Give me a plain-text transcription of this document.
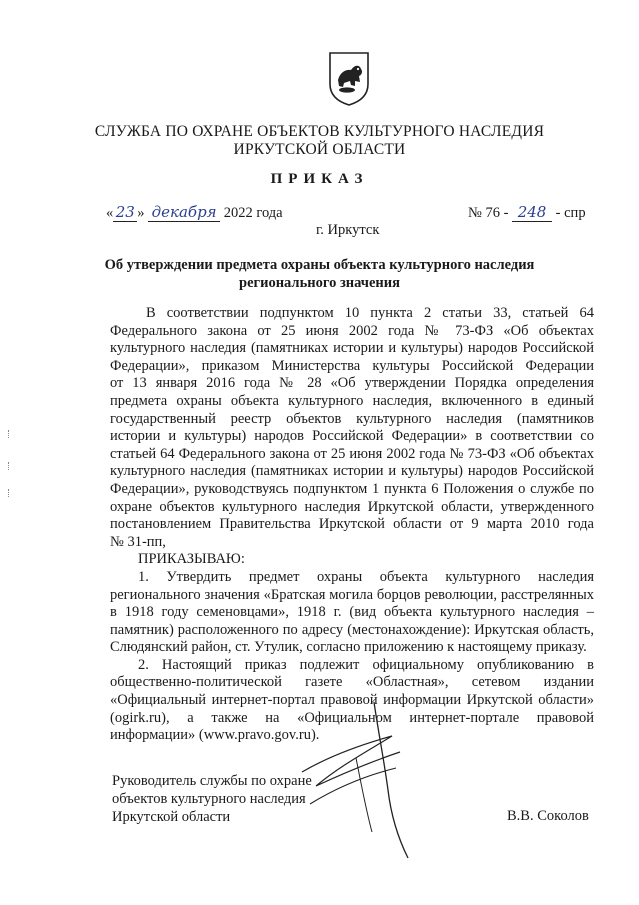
СЛУЖБА ПО ОХРАНЕ ОБЪЕКТОВ КУЛЬТУРНОГО НАСЛЕДИЯ
ИРКУТСКОЙ ОБЛАСТИ
ПРИКАЗ
« 23 » декабря 2022 года	№ 76 - 248 - спр
г. Иркутск
Об утверждении предмета охраны объекта культурного наследия
регионального значения
В соответствии подпунктом 10 пункта 2 статьи 33, статьей 64
Федерального закона от 25 июня 2002 года № 73-ФЗ «Об объектах
культурного наследия (памятниках истории и культуры) народов Российской
Федерации», приказом Министерства культуры Российской Федерации
от 13 января 2016 года № 28 «Об утверждении Порядка определения
предмета охраны объекта культурного наследия, включенного в единый
государственный реестр объектов культурного наследия (памятников
истории и культуры) народов Российской Федерации» в соответствии со
статьей 64 Федерального закона от 25 июня 2002 года № 73-ФЗ «Об объектах
культурного наследия (памятниках истории и культуры) народов Российской
Федерации», руководствуясь подпунктом 1 пункта 6 Положения о службе по
охране объектов культурного наследия Иркутской области, утвержденного
постановлением Правительства Иркутской области от 9 марта 2010 года
№ 31-пп,
ПРИКАЗЫВАЮ:
1. Утвердить предмет охраны объекта культурного наследия
регионального значения «Братская могила борцов революции, расстрелянных
в 1918 году семеновцами», 1918 г. (вид объекта культурного наследия –
памятник) расположенного по адресу (местонахождение): Иркутская область,
Слюдянский район, ст. Утулик, согласно приложению к настоящему приказу.
2. Настоящий приказ подлежит официальному опубликованию в
общественно-политической газете «Областная», сетевом издании
«Официальный интернет-портал правовой информации Иркутской области»
(ogirk.ru), а также на «Официальном интернет-портале правовой
информации» (www.pravo.gov.ru).
Руководитель службы по охране
объектов культурного наследия
Иркутской области	В.В. Соколов
